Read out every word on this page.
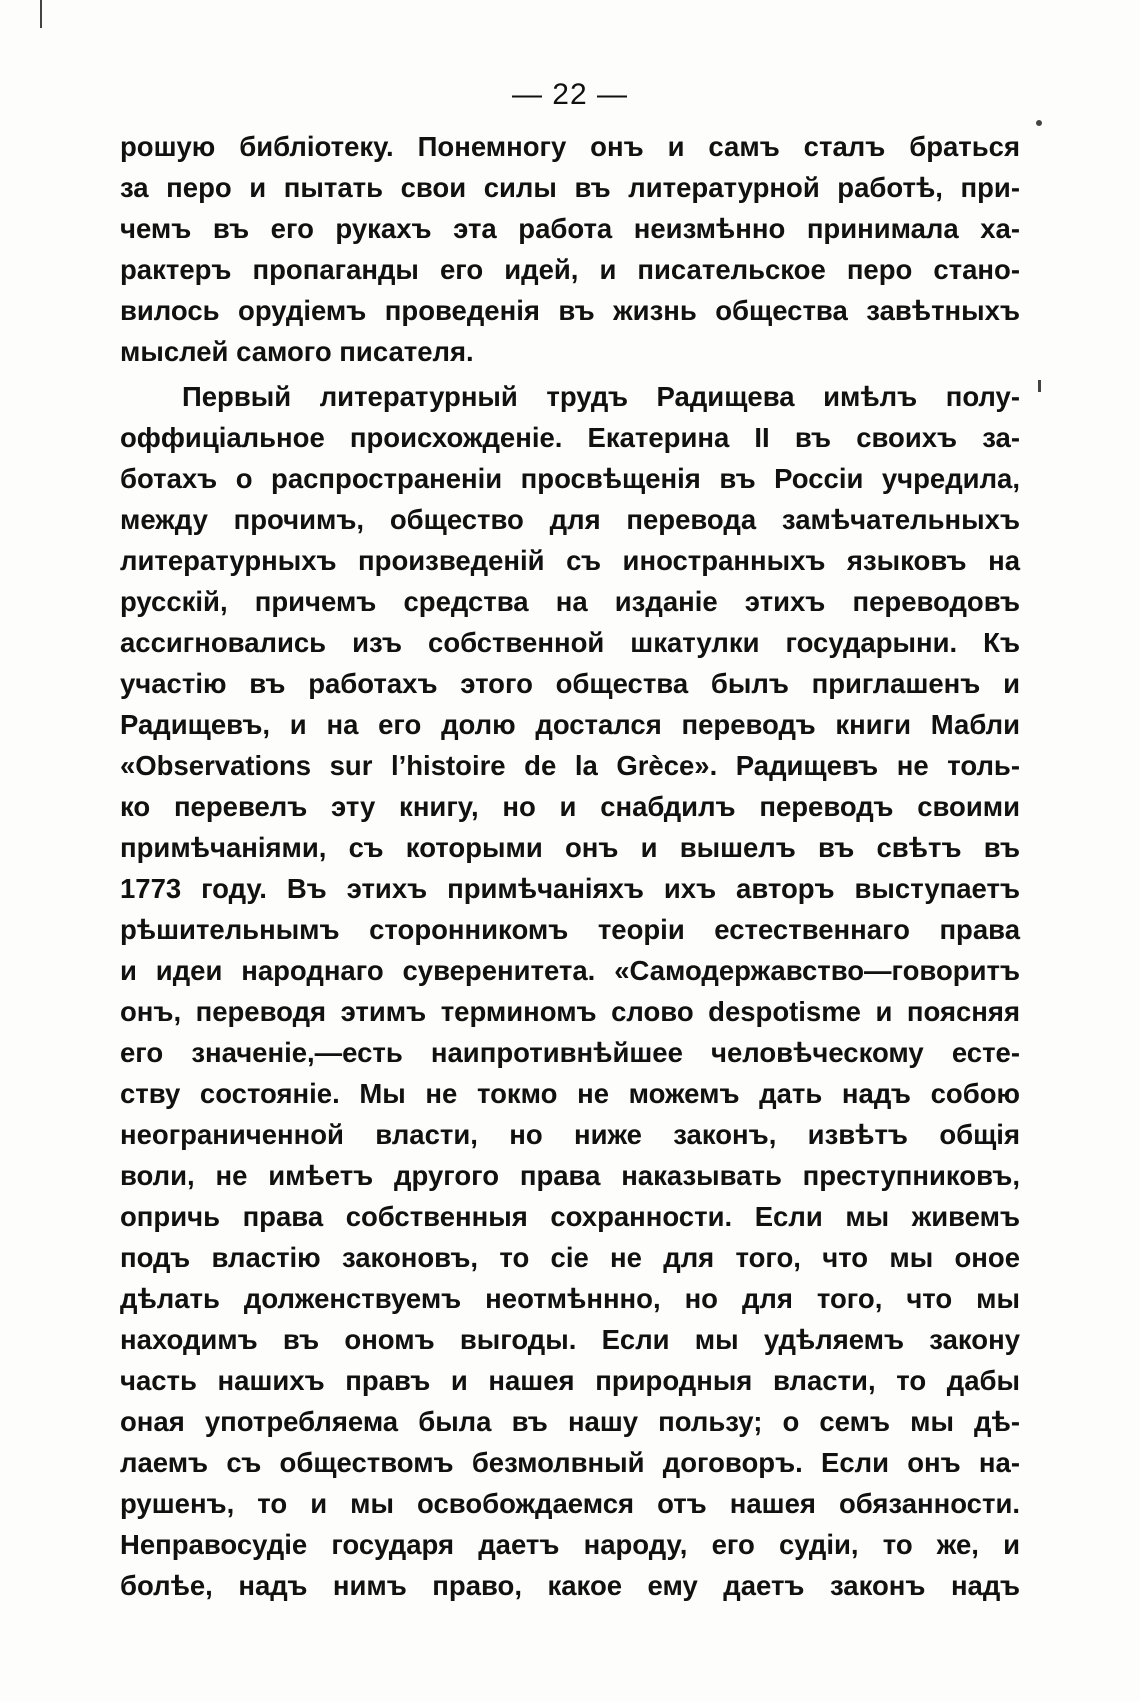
— 22 —
рошую библіотеку. Понемногу онъ и самъ сталъ браться
за перо и пытать свои силы въ литературной работѣ, при-
чемъ въ его рукахъ эта работа неизмѣнно принимала ха-
рактеръ пропаганды его идей, и писательское перо стано-
вилось орудіемъ проведенія въ жизнь общества завѣтныхъ
мыслей самого писателя.
Первый литературный трудъ Радищева имѣлъ полу-
оффиціальное происхожденіе. Екатерина II въ своихъ за-
ботахъ о распространеніи просвѣщенія въ Россіи учредила,
между прочимъ, общество для перевода замѣчательныхъ
литературныхъ произведеній съ иностранныхъ языковъ на
русскій, причемъ средства на изданіе этихъ переводовъ
ассигновались изъ собственной шкатулки государыни. Къ
участію въ работахъ этого общества былъ приглашенъ и
Радищевъ, и на его долю достался переводъ книги Мабли
«Observations sur l’histoire de la Grèce». Радищевъ не толь-
ко перевелъ эту книгу, но и снабдилъ переводъ своими
примѣчаніями, съ которыми онъ и вышелъ въ свѣтъ въ
1773 году. Въ этихъ примѣчаніяхъ ихъ авторъ выступаетъ
рѣшительнымъ сторонникомъ теоріи естественнаго права
и идеи народнаго суверенитета. «Самодержавство—говоритъ
онъ, переводя этимъ терминомъ слово despotisme и поясняя
его значеніе,—есть наипротивнѣйшее человѣческому есте-
ству состояніе. Мы не токмо не можемъ дать надъ собою
неограниченной власти, но ниже законъ, извѣтъ общія
воли, не имѣетъ другого права наказывать преступниковъ,
опричь права собственныя сохранности. Если мы живемъ
подъ властію законовъ, то сіе не для того, что мы оное
дѣлать долженствуемъ неотмѣннно, но для того, что мы
находимъ въ ономъ выгоды. Если мы удѣляемъ закону
часть нашихъ правъ и нашея природныя власти, то дабы
оная употребляема была въ нашу пользу; о семъ мы дѣ-
лаемъ съ обществомъ безмолвный договоръ. Если онъ на-
рушенъ, то и мы освобождаемся отъ нашея обязанности.
Неправосудіе государя даетъ народу, его судіи, то же, и
болѣе, надъ нимъ право, какое ему даетъ законъ надъ
